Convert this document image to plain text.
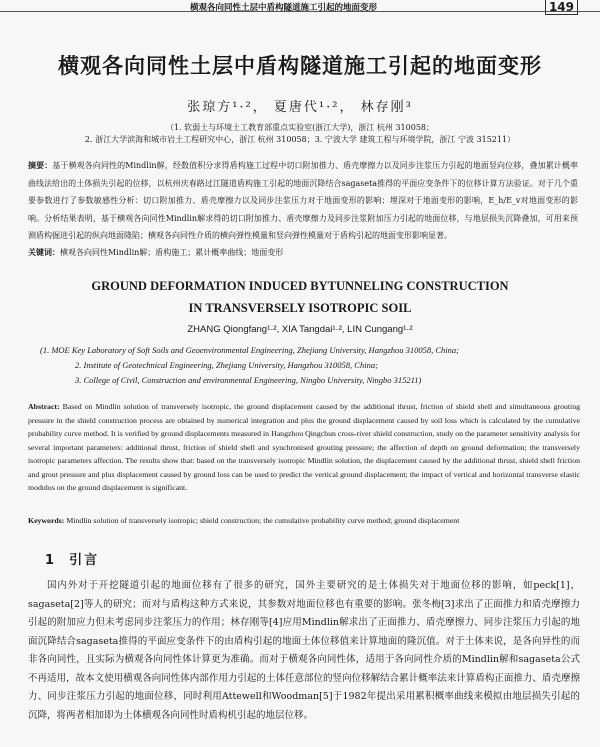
横观各向同性土层中盾构隧道施工引起的地面变形	149
横观各向同性土层中盾构隧道施工引起的地面变形
张琼方¹·²， 夏唐代¹·²， 林存刚³
（1. 软弱土与环境土工教育部重点实验室(浙江大学)，浙江 杭州 310058；
2. 浙江大学滨海和城市岩土工程研究中心，浙江 杭州 310058；3. 宁波大学 建筑工程与环境学院，浙江 宁波 315211）
摘要：基于横观各向同性的Mindlin解，经数值积分求得盾构施工过程中切口附加推力、盾壳摩擦力以及同步注浆压力引起的地面竖向位移，叠加累计概率曲线法给出的土体损失引起的位移，以杭州庆春路过江隧道盾构施工引起的地面沉降结合sagaseta推得的平面应变条件下的位移计算方法验证。对于几个重要参数进行了参数敏感性分析：切口附加推力、盾壳摩擦力以及同步注浆压力对于地面变形的影响；埋深对于地面变形的影响，E_h/E_v对地面变形的影响。分析结果表明，基于横观各向同性Mindlin解求得的切口附加推力、盾壳摩擦力及同步注浆附加压力引起的地面位移，与地层损失沉降叠加，可用来预测盾构掘进引起的纵向地面隆陷；横观各向同性介质的横向弹性模量和竖向弹性模量对于盾构引起的地面变形影响显著。
关键词：横观各向同性Mindlin解；盾构施工；累计概率曲线；地面变形
GROUND DEFORMATION INDUCED BYTUNNELING CONSTRUCTION
IN TRANSVERSELY ISOTROPIC SOIL
ZHANG Qiongfang¹·², XIA Tangdai¹·², LIN Cungang¹·²
(1. MOE Key Laboratory of Soft Soils and Geoenvironmental Engineering, Zhejiang University, Hangzhou 310058, China;
2. Institute of Geotechnical Engineering, Zhejiang University, Hangzhou 310058, China;
3. College of Civil, Construction and environmental Engineering, Ningbo University, Ningbo 315211)
Abstract: Based on Mindlin solution of transversely isotropic, the ground displacement caused by the additional thrust, friction of shield shell and simultaneous grouting pressure in the shield construction process are obtained by numerical integration and plus the ground displacement caused by soil loss which is calculated by the cumulative probability curve method. It is verified by ground displacements measured in Hangzhou Qingchun cross-river shield construction, study on the parameter sensitivity analysis for several important parameters: additional thrust, friction of shield shell and synchronised grouting pressure; the affection of depth on ground deformation; the transversely isotropic parameters affection. The results show that: based on the transversely isotropic Mindlin solution, the displacement caused by the additional thrust, shield shell friction and grout pressure and plus displacement caused by ground loss can be used to predict the vertical ground displacement; the impact of vertical and horizontal transverse elastic modulus on the ground displacement is significant.
Keywords: Mindlin solution of transversely isotropic; shield construction; the cumulative probability curve method; ground displacement
1 引言
国内外对于开挖隧道引起的地面位移有了很多的研究，国外主要研究的是土体损失对于地面位移的影响，如peck[1]，sagaseta[2]等人的研究；而对与盾构这种方式来说，其参数对地面位移也有重要的影响。张冬梅[3]求出了正面推力和盾壳摩擦力引起的附加应力但未考虑同步注浆压力的作用；林存刚等[4]应用Mindlin解求出了正面推力、盾壳摩擦力、同步注浆压力引起的地面沉降结合sagaseta推得的平面应变条件下的由盾构引起的地面土体位移值来计算地面的隆沉值。对于土体来说，是各向异性的而非各向同性，且实际为横观各向同性体计算更为准确。而对于横观各向同性体，适用于各向同性介质的Mindlin解和sagaseta公式不再适用，故本文使用横观各向同性体内部作用力引起的土体任意部位的竖向位移解结合累计概率法来计算盾构正面推力、盾壳摩擦力、同步注浆压力引起的地面位移，同时利用Attewell和Woodman[5]于1982年提出采用累积概率曲线来模拟由地层损失引起的沉降，将两者相加即为土体横观各向同性时盾构机引起的地层位移。
